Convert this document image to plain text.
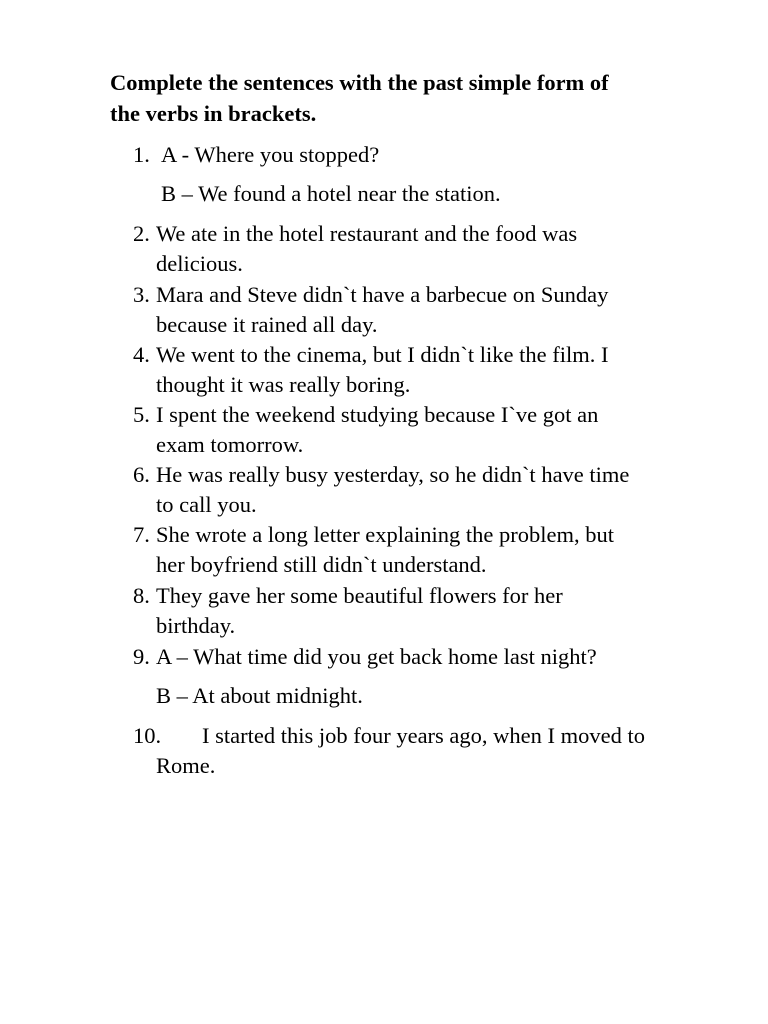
Complete the sentences with the past simple form of
the verbs in brackets.
1. A - Where you stopped?
B – We found a hotel near the station.
2. We ate in the hotel restaurant and the food was
delicious.
3. Mara and Steve didn`t have a barbecue on Sunday
because it rained all day.
4. We went to the cinema, but I didn`t like the film. I
thought it was really boring.
5. I spent the weekend studying because I`ve got an
exam tomorrow.
6. He was really busy yesterday, so he didn`t have time
to call you.
7. She wrote a long letter explaining the problem, but
her boyfriend still didn`t understand.
8. They gave her some beautiful flowers for her
birthday.
9. A – What time did you get back home last night?
B – At about midnight.
10. I started this job four years ago, when I moved to
Rome.
